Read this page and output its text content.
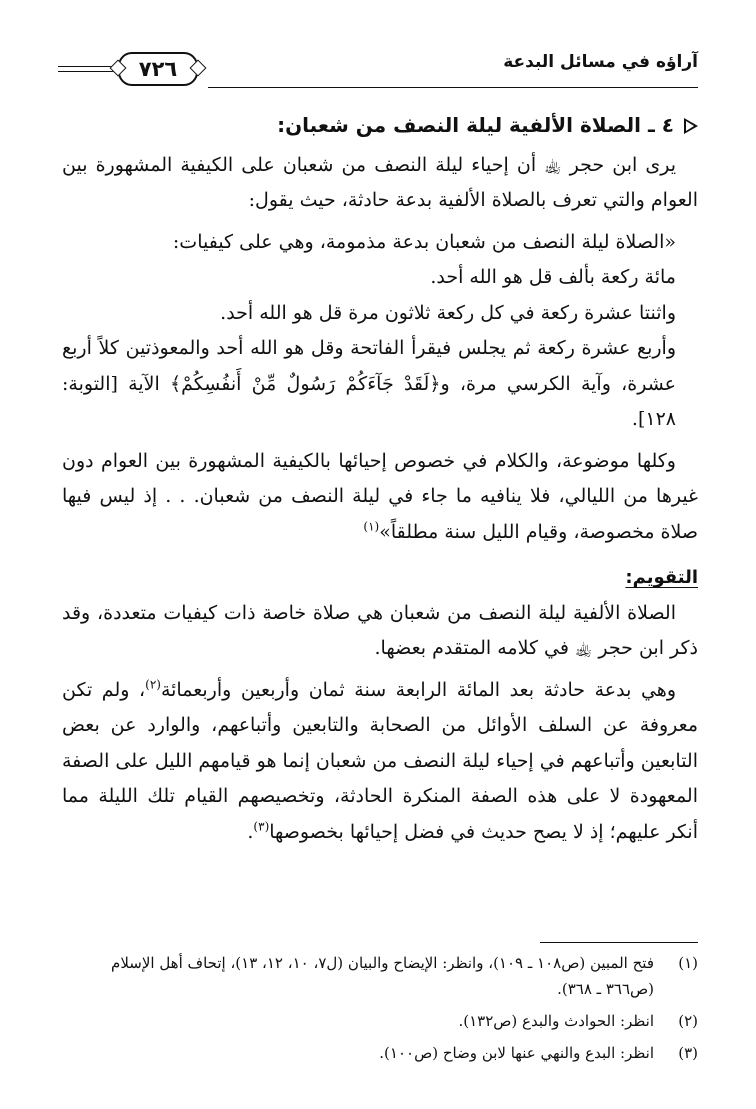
٧٢٦	آراؤه في مسائل البدعة

٤ ـ الصلاة الألفية ليلة النصف من شعبان:

يرى ابن حجر ﵀ أن إحياء ليلة النصف من شعبان على الكيفية المشهورة بين العوام والتي تعرف بالصلاة الألفية بدعة حادثة، حيث يقول:

«الصلاة ليلة النصف من شعبان بدعة مذمومة، وهي على كيفيات:

مائة ركعة بألف قل هو الله أحد.

واثنتا عشرة ركعة في كل ركعة ثلاثون مرة قل هو الله أحد.

وأربع عشرة ركعة ثم يجلس فيقرأ الفاتحة وقل هو الله أحد والمعوذتين كلاً أربع عشرة، وآية الكرسي مرة، و﴿لَقَدْ جَآءَكُمْ رَسُولٌ مِّنْ أَنفُسِكُمْ﴾ الآية [التوبة: ١٢٨].

وكلها موضوعة، والكلام في خصوص إحيائها بالكيفية المشهورة بين العوام دون غيرها من الليالي، فلا ينافيه ما جاء في ليلة النصف من شعبان. . . إذ ليس فيها صلاة مخصوصة، وقيام الليل سنة مطلقاً»$^{(١)}$

التقويم:

الصلاة الألفية ليلة النصف من شعبان هي صلاة خاصة ذات كيفيات متعددة، وقد ذكر ابن حجر ﵀ في كلامه المتقدم بعضها.

وهي بدعة حادثة بعد المائة الرابعة سنة ثمان وأربعين وأربعمائة$^{(٢)}$، ولم تكن معروفة عن السلف الأوائل من الصحابة والتابعين وأتباعهم، والوارد عن بعض التابعين وأتباعهم في إحياء ليلة النصف من شعبان إنما هو قيامهم الليل على الصفة المعهودة لا على هذه الصفة المنكرة الحادثة، وتخصيصهم القيام تلك الليلة مما أنكر عليهم؛ إذ لا يصح حديث في فضل إحيائها بخصوصها$^{(٣)}$.

(١)
فتح المبين (ص١٠٨ ـ ١٠٩)، وانظر: الإيضاح والبيان (ل٧، ١٠، ١٢، ١٣)، إتحاف أهل الإسلام (ص٣٦٦ ـ ٣٦٨).
(٢)
انظر: الحوادث والبدع (ص١٣٢).
(٣)
انظر: البدع والنهي عنها لابن وضاح (ص١٠٠).
